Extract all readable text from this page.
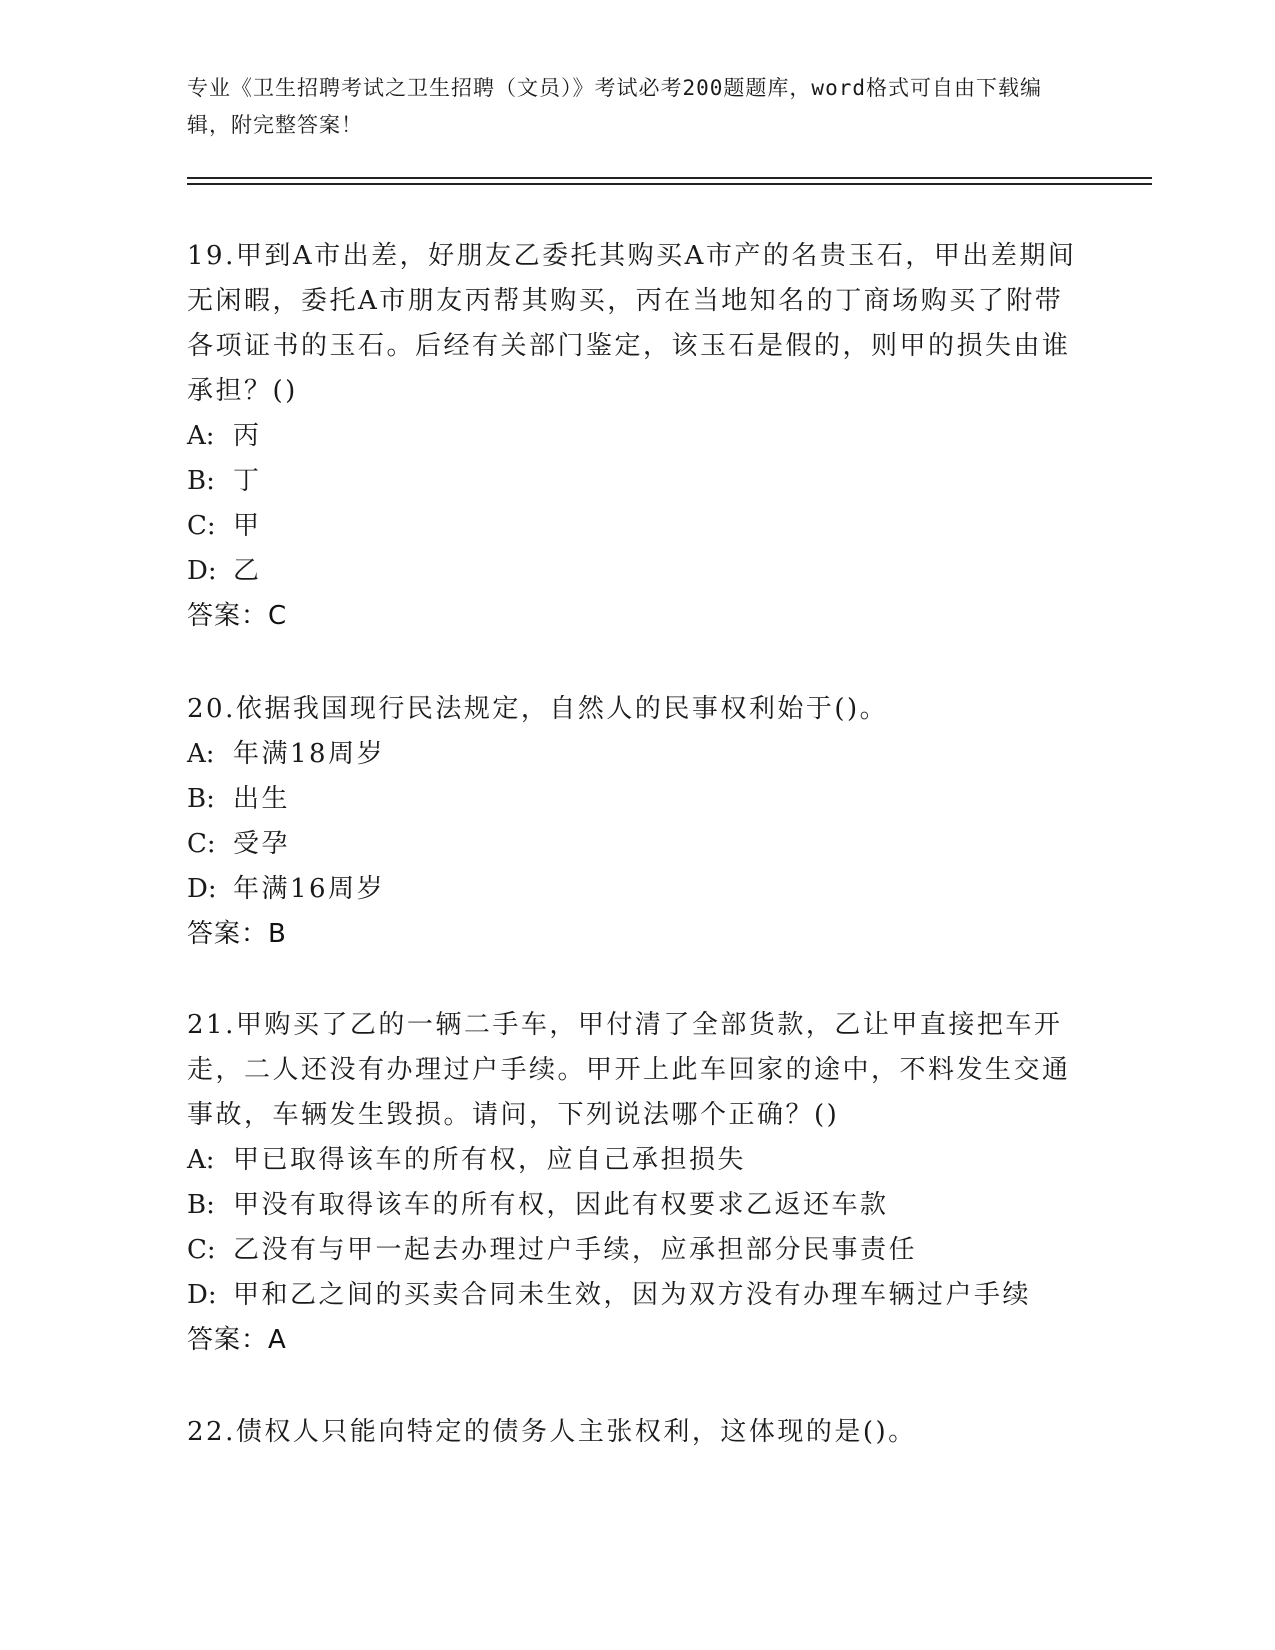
专业《卫生招聘考试之卫生招聘（文员）》考试必考200题题库，word格式可自由下载编辑，附完整答案！
19.甲到A市出差，好朋友乙委托其购买A市产的名贵玉石，甲出差期间无闲暇，委托A市朋友丙帮其购买，丙在当地知名的丁商场购买了附带各项证书的玉石。后经有关部门鉴定，该玉石是假的，则甲的损失由谁承担？()
A: 丙
B: 丁
C: 甲
D: 乙
答案：C
20.依据我国现行民法规定，自然人的民事权利始于()。
A: 年满18周岁
B: 出生
C: 受孕
D: 年满16周岁
答案：B
21.甲购买了乙的一辆二手车，甲付清了全部货款，乙让甲直接把车开走，二人还没有办理过户手续。甲开上此车回家的途中，不料发生交通事故，车辆发生毁损。请问，下列说法哪个正确？()
A: 甲已取得该车的所有权，应自己承担损失
B: 甲没有取得该车的所有权，因此有权要求乙返还车款
C: 乙没有与甲一起去办理过户手续，应承担部分民事责任
D: 甲和乙之间的买卖合同未生效，因为双方没有办理车辆过户手续
答案：A
22.债权人只能向特定的债务人主张权利，这体现的是()。
